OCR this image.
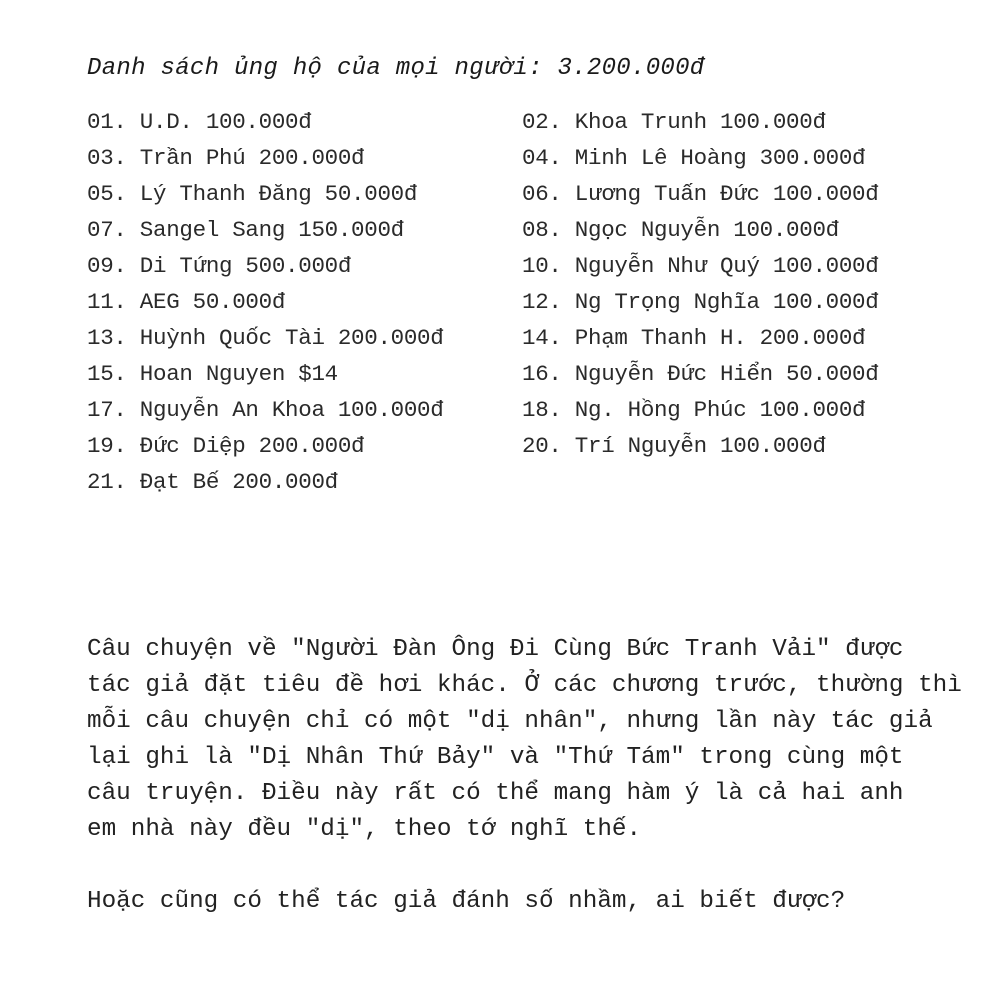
Danh sách ủng hộ của mọi người: 3.200.000đ
01. U.D. 100.000đ
03. Trần Phú 200.000đ
05. Lý Thanh Đăng 50.000đ
07. Sangel Sang 150.000đ
09. Di Tứng 500.000đ
11. AEG 50.000đ
13. Huỳnh Quốc Tài 200.000đ
15. Hoan Nguyen $14
17. Nguyễn An Khoa 100.000đ
19. Đức Diệp 200.000đ
21. Đạt Bế 200.000đ
02. Khoa Trunh 100.000đ
04. Minh Lê Hoàng 300.000đ
06. Lương Tuấn Đức 100.000đ
08. Ngọc Nguyễn 100.000đ
10. Nguyễn Như Quý 100.000đ
12. Ng Trọng Nghĩa 100.000đ
14. Phạm Thanh H. 200.000đ
16. Nguyễn Đức Hiển 50.000đ
18. Ng. Hồng Phúc 100.000đ
20. Trí Nguyễn 100.000đ
Câu chuyện về "Người Đàn Ông Đi Cùng Bức Tranh Vải" được
tác giả đặt tiêu đề hơi khác. Ở các chương trước, thường thì
mỗi câu chuyện chỉ có một "dị nhân", nhưng lần này tác giả
lại ghi là "Dị Nhân Thứ Bảy" và "Thứ Tám" trong cùng một
câu truyện. Điều này rất có thể mang hàm ý là cả hai anh
em nhà này đều "dị", theo tớ nghĩ thế.
Hoặc cũng có thể tác giả đánh số nhầm, ai biết được?
